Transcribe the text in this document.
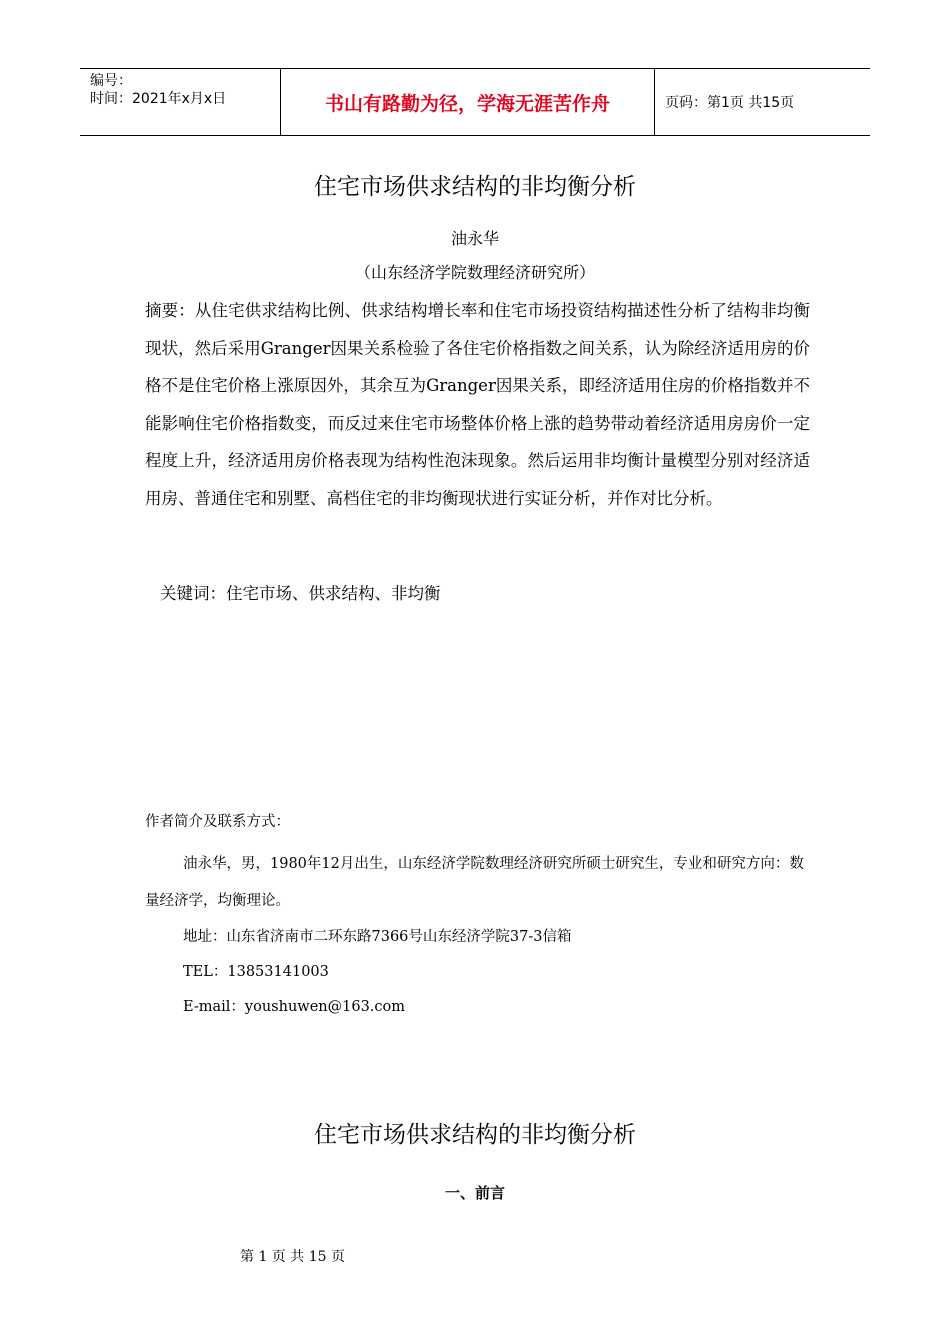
编号：
时间：2021年x月x日	书山有路勤为径，学海无涯苦作舟	页码：第1页 共15页
住宅市场供求结构的非均衡分析
油永华
（山东经济学院数理经济研究所）

摘要：从住宅供求结构比例、供求结构增长率和住宅市场投资结构描述性分析了结构非均衡现状，然后采用Granger因果关系检验了各住宅价格指数之间关系，认为除经济适用房的价格不是住宅价格上涨原因外，其余互为Granger因果关系，即经济适用住房的价格指数并不能影响住宅价格指数变，而反过来住宅市场整体价格上涨的趋势带动着经济适用房房价一定程度上升，经济适用房价格表现为结构性泡沫现象。然后运用非均衡计量模型分别对经济适用房、普通住宅和别墅、高档住宅的非均衡现状进行实证分析，并作对比分析。

关键词：住宅市场、供求结构、非均衡

作者简介及联系方式：

油永华，男，1980年12月出生，山东经济学院数理经济研究所硕士研究生，专业和研究方向：数量经济学，均衡理论。

地址：山东省济南市二环东路7366号山东经济学院37-3信箱

TEL：13853141003

E-mail：youshuwen@163.com

住宅市场供求结构的非均衡分析
一、前言
第 1 页 共 15 页
